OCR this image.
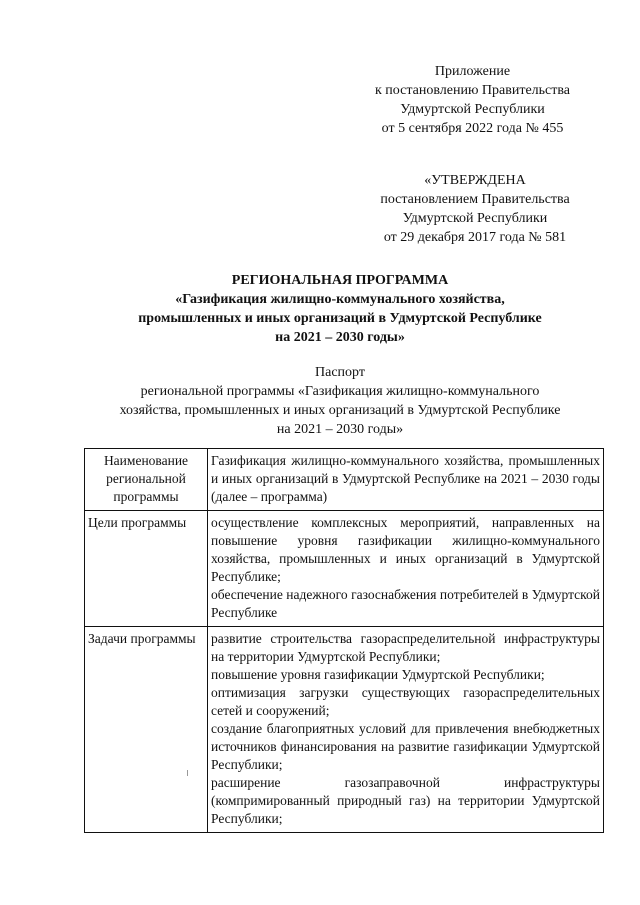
Приложение
к постановлению Правительства
Удмуртской Республики
от 5 сентября 2022 года № 455
«УТВЕРЖДЕНА
постановлением Правительства
Удмуртской Республики
от 29 декабря 2017 года № 581
РЕГИОНАЛЬНАЯ ПРОГРАММА
«Газификация жилищно-коммунального хозяйства,
промышленных и иных организаций в Удмуртской Республике
на 2021 – 2030 годы»
Паспорт
региональной программы «Газификация жилищно-коммунального
хозяйства, промышленных и иных организаций в Удмуртской Республике
на 2021 – 2030 годы»
Наименование региональной программы	Газификация жилищно-коммунального хозяйства, промышленных и иных организаций в Удмуртской Республике на 2021 – 2030 годы (далее – программа)

Цели программы	осуществление комплексных мероприятий, направленных на повышение уровня газификации жилищно-коммунального хозяйства, промышленных и иных организаций в Удмуртской Республике;
обеспечение надежного газоснабжения потребителей в Удмуртской Республике

Задачи программы	развитие строительства газораспределительной инфраструктуры на территории Удмуртской Республики;
повышение уровня газификации Удмуртской Республики;
оптимизация загрузки существующих газораспределительных сетей и сооружений;
создание благоприятных условий для привлечения внебюджетных источников финансирования на развитие газификации Удмуртской Республики;
расширение газозаправочной инфраструктуры (компримированный природный газ) на территории Удмуртской Республики;
